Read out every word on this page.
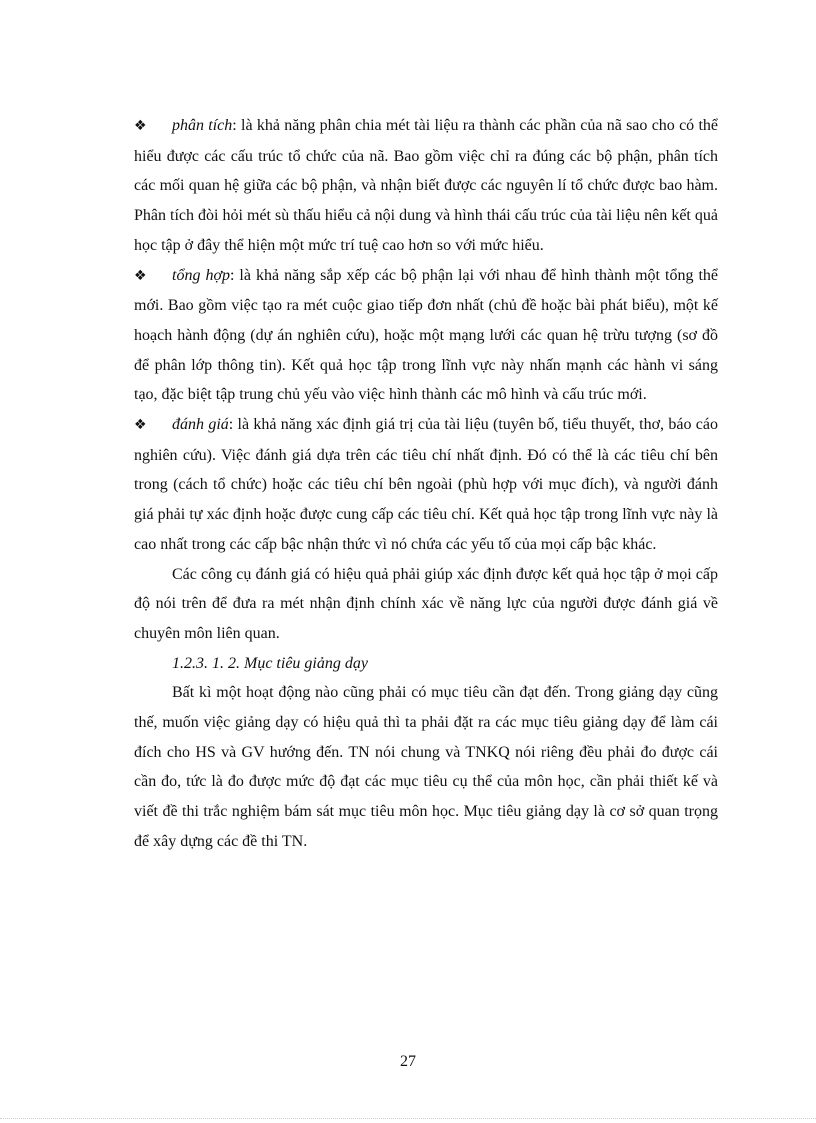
❖ phân tích: là khả năng phân chia mét tài liệu ra thành các phần của nã sao cho có thể hiểu được các cấu trúc tổ chức của nã. Bao gồm việc chỉ ra đúng các bộ phận, phân tích các mối quan hệ giữa các bộ phận, và nhận biết được các nguyên lí tổ chức được bao hàm. Phân tích đòi hỏi mét sù thấu hiểu cả nội dung và hình thái cấu trúc của tài liệu nên kết quả học tập ở đây thể hiện một mức trí tuệ cao hơn so với mức hiểu.

❖ tổng hợp: là khả năng sắp xếp các bộ phận lại với nhau để hình thành một tổng thể mới. Bao gồm việc tạo ra mét cuộc giao tiếp đơn nhất (chủ đề hoặc bài phát biểu), một kế hoạch hành động (dự án nghiên cứu), hoặc một mạng lưới các quan hệ trừu tượng (sơ đồ để phân lớp thông tin). Kết quả học tập trong lĩnh vực này nhấn mạnh các hành vi sáng tạo, đặc biệt tập trung chủ yếu vào việc hình thành các mô hình và cấu trúc mới.

❖ đánh giá: là khả năng xác định giá trị của tài liệu (tuyên bố, tiểu thuyết, thơ, báo cáo nghiên cứu). Việc đánh giá dựa trên các tiêu chí nhất định. Đó có thể là các tiêu chí bên trong (cách tổ chức) hoặc các tiêu chí bên ngoài (phù hợp với mục đích), và người đánh giá phải tự xác định hoặc được cung cấp các tiêu chí. Kết quả học tập trong lĩnh vực này là cao nhất trong các cấp bậc nhận thức vì nó chứa các yếu tố của mọi cấp bậc khác.

Các công cụ đánh giá có hiệu quả phải giúp xác định được kết quả học tập ở mọi cấp độ nói trên để đưa ra mét nhận định chính xác về năng lực của người được đánh giá về chuyên môn liên quan.

1.2.3. 1. 2. Mục tiêu giảng dạy

Bất kì một hoạt động nào cũng phải có mục tiêu cần đạt đến. Trong giảng dạy cũng thế, muốn việc giảng dạy có hiệu quả thì ta phải đặt ra các mục tiêu giảng dạy để làm cái đích cho HS và GV hướng đến. TN nói chung và TNKQ nói riêng đều phải đo được cái cần đo, tức là đo được mức độ đạt các mục tiêu cụ thể của môn học, cần phải thiết kế và viết đề thi trắc nghiệm bám sát mục tiêu môn học. Mục tiêu giảng dạy là cơ sở quan trọng để xây dựng các đề thi TN.

27
